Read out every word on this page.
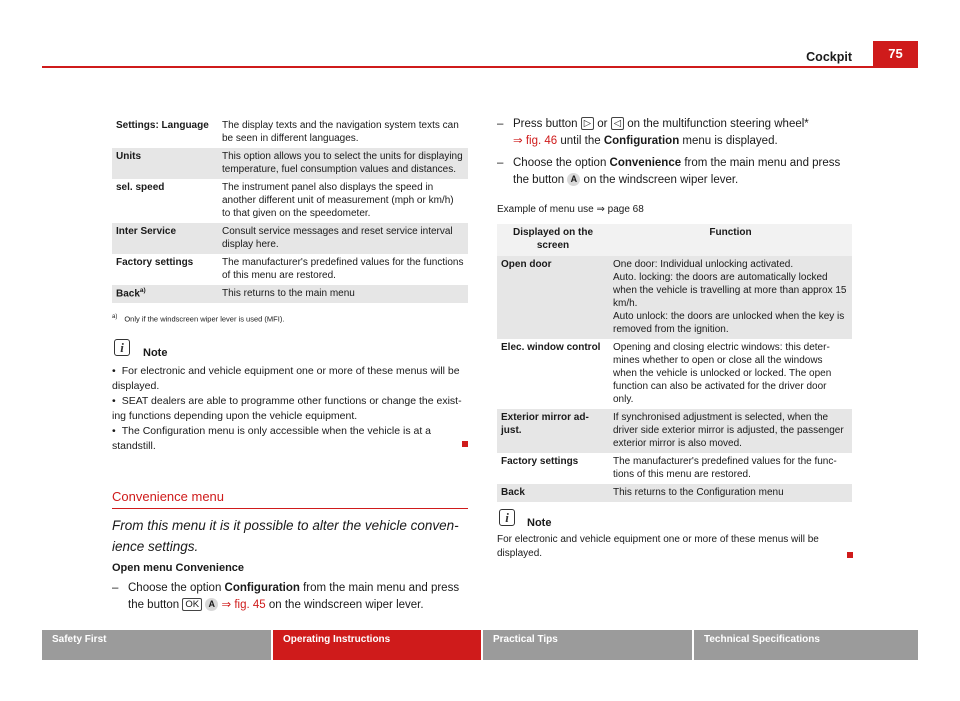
Cockpit	75
Settings: Language	The display texts and the navigation system texts can be seen in different languages.
Units	This option allows you to select the units for displaying temperature, fuel consumption values and distances.
sel. speed	The instrument panel also displays the speed in another different unit of measurement (mph or km/h) to that given on the speedometer.
Inter Service	Consult service messages and reset service interval display here.
Factory settings	The manufacturer's predefined values for the functions of this menu are restored.
Back$^{a)}$	This returns to the main menu
$^{a)}$ Only if the windscreen wiper lever is used (MFI).
i	Note
• For electronic and vehicle equipment one or more of these menus will be displayed.
• SEAT dealers are able to programme other functions or change the existing functions depending upon the vehicle equipment.
• The Configuration menu is only accessible when the vehicle is at a standstill.
Convenience menu
From this menu it is it possible to alter the vehicle convenience settings.
Open menu Convenience
– Choose the option Configuration from the main menu and press the button OK A ⇒ fig. 45 on the windscreen wiper lever.
– Press button ▷ or ◁ on the multifunction steering wheel*
⇒ fig. 46 until the Configuration menu is displayed.
– Choose the option Convenience from the main menu and press the button A on the windscreen wiper lever.
Example of menu use ⇒ page 68
Displayed on the screen	Function
Open door	One door: Individual unlocking activated.
Auto. locking: the doors are automatically locked when the vehicle is travelling at more than approx 15 km/h.
Auto unlock: the doors are unlocked when the key is removed from the ignition.
Elec. window control	Opening and closing electric windows: this determines whether to open or close all the windows when the vehicle is unlocked or locked. The open function can also be activated for the driver door only.
Exterior mirror adjust.	If synchronised adjustment is selected, when the driver side exterior mirror is adjusted, the passenger exterior mirror is also moved.
Factory settings	The manufacturer's predefined values for the functions of this menu are restored.
Back	This returns to the Configuration menu
i	Note
For electronic and vehicle equipment one or more of these menus will be displayed.
Safety First	Operating Instructions	Practical Tips	Technical Specifications
